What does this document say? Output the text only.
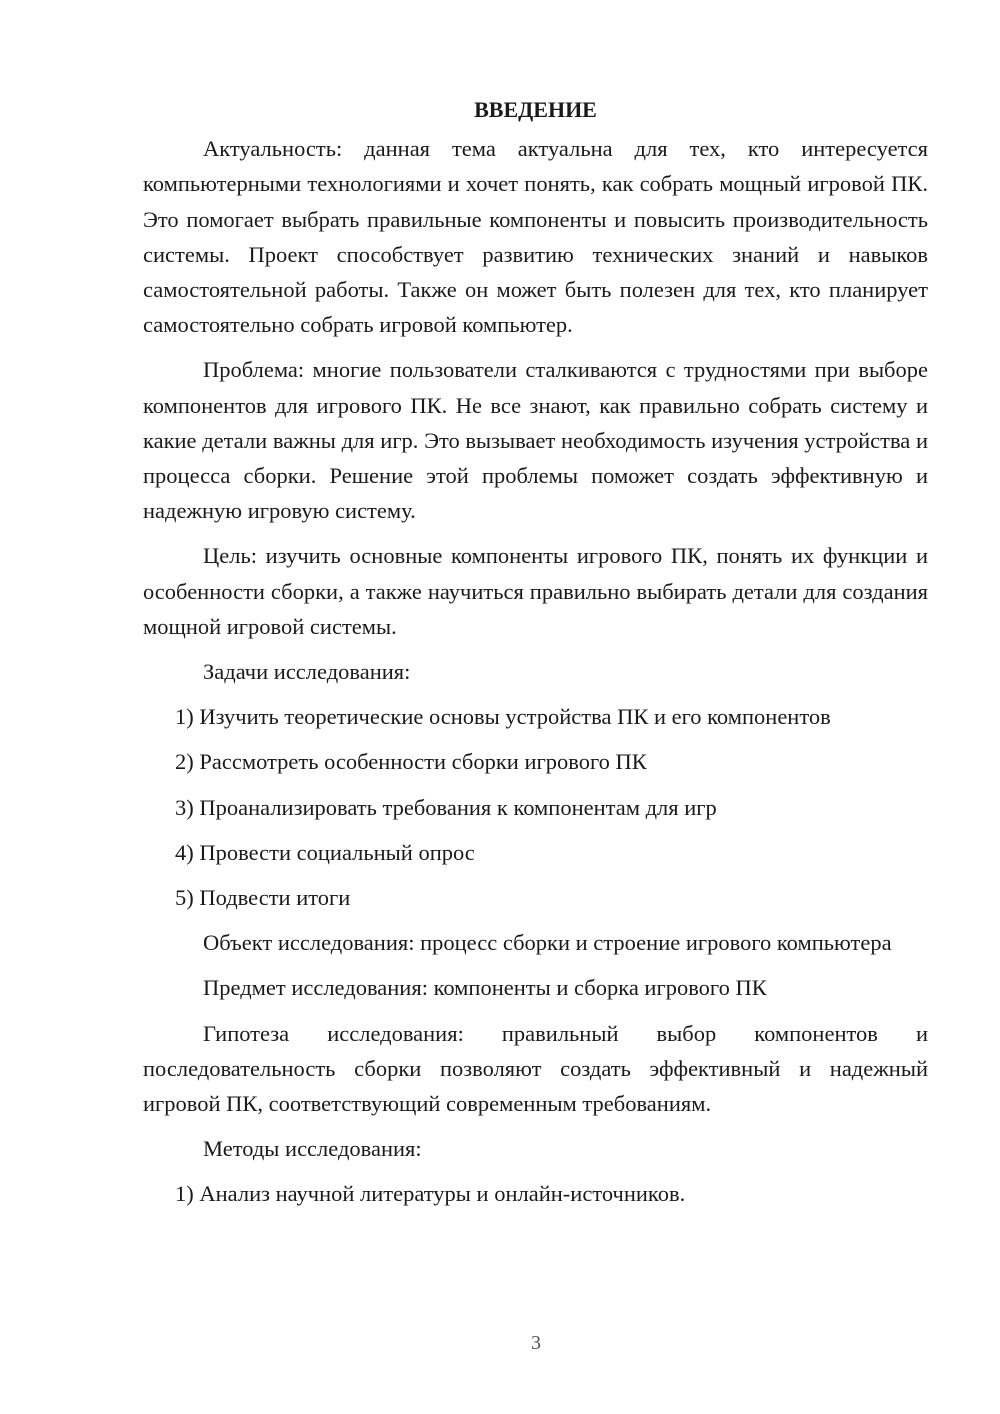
ВВЕДЕНИЕ

Актуальность: данная тема актуальна для тех, кто интересуется компьютерными технологиями и хочет понять, как собрать мощный игровой ПК. Это помогает выбрать правильные компоненты и повысить производительность системы. Проект способствует развитию технических знаний и навыков самостоятельной работы. Также он может быть полезен для тех, кто планирует самостоятельно собрать игровой компьютер.

Проблема: многие пользователи сталкиваются с трудностями при выборе компонентов для игрового ПК. Не все знают, как правильно собрать систему и какие детали важны для игр. Это вызывает необходимость изучения устройства и процесса сборки. Решение этой проблемы поможет создать эффективную и надежную игровую систему.

Цель: изучить основные компоненты игрового ПК, понять их функции и особенности сборки, а также научиться правильно выбирать детали для создания мощной игровой системы.

Задачи исследования:

1) Изучить теоретические основы устройства ПК и его компонентов
2) Рассмотреть особенности сборки игрового ПК
3) Проанализировать требования к компонентам для игр
4) Провести социальный опрос
5) Подвести итоги

Объект исследования: процесс сборки и строение игрового компьютера

Предмет исследования: компоненты и сборка игрового ПК

Гипотеза исследования: правильный выбор компонентов и последовательность сборки позволяют создать эффективный и надежный игровой ПК, соответствующий современным требованиям.

Методы исследования:

1) Анализ научной литературы и онлайн-источников.
3
